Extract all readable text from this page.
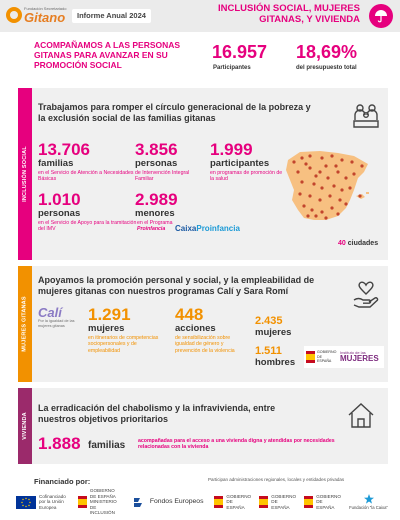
Fundación Secretariado
Gitano	Informe Anual 2024
INCLUSIÓN SOCIAL, MUJERES GITANAS, Y VIVIENDA
ACOMPAÑAMOS A LAS PERSONAS GITANAS PARA AVANZAR EN SU PROMOCIÓN SOCIAL
16.957
Participantes
18,69%
del presupuesto total
INCLUSIÓN SOCIAL
Trabajamos para romper el círculo generacional de la pobreza y la exclusión social de las familias gitanas
13.706
familias
en el Servicio de Atención a Necesidades Básicas
3.856
personas
de Intervención Integral Familiar
1.999
participantes
en programas de promoción de la salud
1.010
personas
en el Servicio de Apoyo para la tramitación del IMV
2.989
menores
en el Programa
Proinfancia	CaixaProinfancia
40 ciudades
MUJERES GITANAS
Apoyamos la promoción personal y social, y la empleabilidad de mujeres gitanas con nuestros programas Calí y Sara Romí
Calí
Por la igualdad de las mujeres gitanas
1.291
mujeres
en itinerarios de competencias sociopersonales y de empleabilidad
448
acciones
de sensibilización sobre igualdad de género y prevención de la violencia
2.435
mujeres
1.511
hombres
GOBIERNO DE ESPAÑA
Instituto de las
MUJERES
VIVIENDA
La erradicación del chabolismo y la infravivienda, entre nuestros objetivos prioritarios
1.888 familias acompañadas para el acceso a una vivienda digna y atendidas por necesidades relacionadas con la vivienda
Financiado por:	Participan administraciones regionales, locales y entidades privadas
Cofinanciado por la Unión Europea
GOBIERNO DE ESPAÑA
MINISTERIO DE INCLUSIÓN
Fondos Europeos
GOBIERNO DE ESPAÑA
GOBIERNO DE ESPAÑA
GOBIERNO DE ESPAÑA	Fundación "la Caixa"
